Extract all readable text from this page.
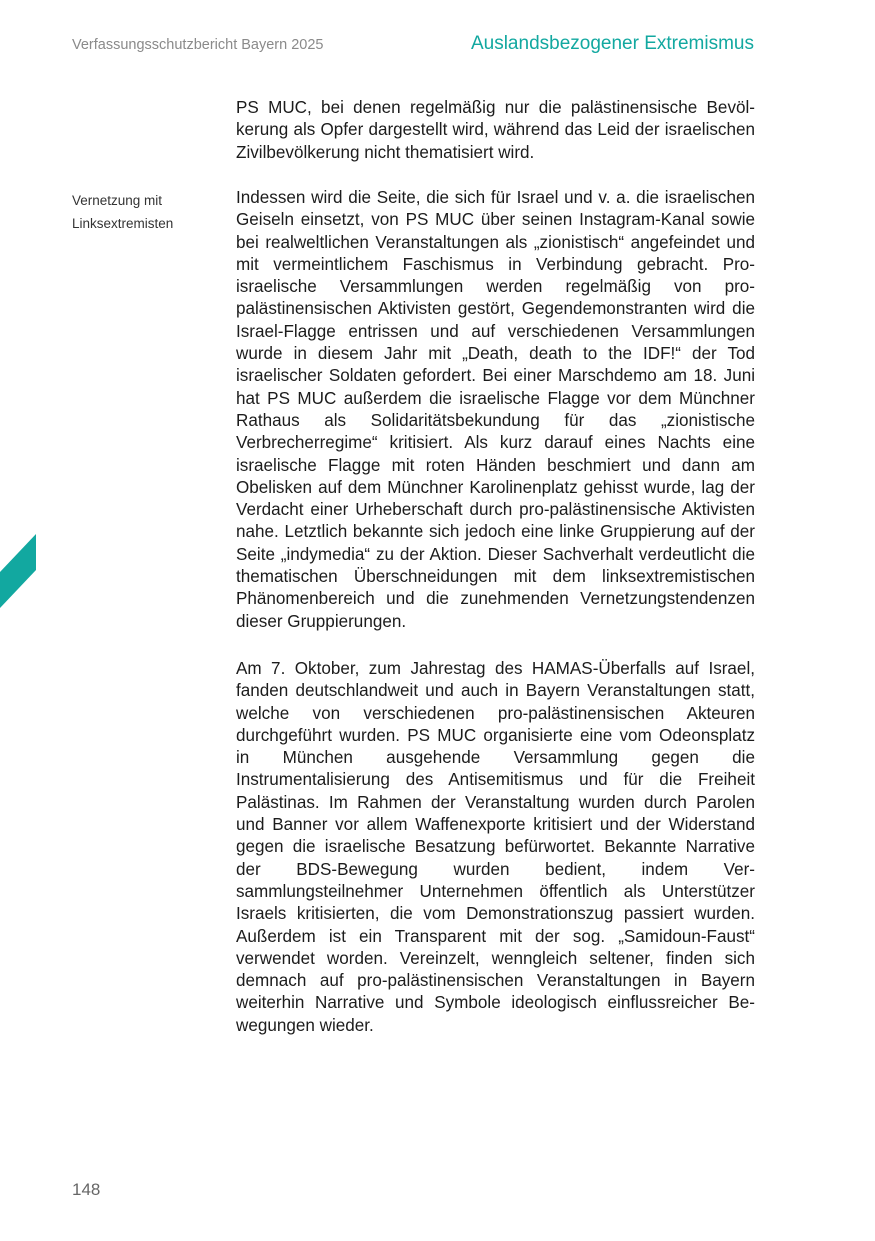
Verfassungsschutzbericht Bayern 2025	Auslandsbezogener Extremismus
Vernetzung mit
Linksextremisten

PS MUC, bei denen regelmäßig nur die palästinensische Bevölkerung als Opfer dargestellt wird, während das Leid der israelischen Zivilbevölkerung nicht thematisiert wird.

Indessen wird die Seite, die sich für Israel und v. a. die israelischen Geiseln einsetzt, von PS MUC über seinen Instagram-Kanal sowie bei realweltlichen Veranstaltungen als „zionistisch“ angefeindet und mit vermeintlichem Faschismus in Verbindung gebracht. Pro-israelische Versammlungen werden regelmäßig von pro-palästinensischen Aktivisten gestört, Gegendemonstranten wird die Israel-Flagge entrissen und auf verschiedenen Versammlungen wurde in diesem Jahr mit „Death, death to the IDF!“ der Tod israelischer Soldaten gefordert. Bei einer Marschdemo am 18. Juni hat PS MUC außerdem die israelische Flagge vor dem Münchner Rathaus als Solidaritätsbekundung für das „zionistische Verbrecherregime“ kritisiert. Als kurz darauf eines Nachts eine israelische Flagge mit roten Händen beschmiert und dann am Obelisken auf dem Münchner Karolinenplatz gehisst wurde, lag der Verdacht einer Urheberschaft durch pro-palästinensische Aktivisten nahe. Letztlich bekannte sich jedoch eine linke Gruppierung auf der Seite „indymedia“ zu der Aktion. Dieser Sachverhalt verdeutlicht die thematischen Überschneidungen mit dem linksextremistischen Phänomenbereich und die zunehmenden Vernetzungstendenzen dieser Gruppierungen.

Am 7. Oktober, zum Jahrestag des HAMAS-Überfalls auf Israel, fanden deutschlandweit und auch in Bayern Veranstaltungen statt, welche von verschiedenen pro-palästinensischen Akteuren durchgeführt wurden. PS MUC organisierte eine vom Odeonsplatz in München ausgehende Versammlung gegen die Instrumentalisierung des Antisemitismus und für die Freiheit Palästinas. Im Rahmen der Veranstaltung wurden durch Parolen und Banner vor allem Waffenexporte kritisiert und der Widerstand gegen die israelische Besatzung befürwortet. Bekannte Narrative der BDS-Bewegung wurden bedient, indem Versammlungsteilnehmer Unternehmen öffentlich als Unterstützer Israels kritisierten, die vom Demonstrationszug passiert wurden. Außerdem ist ein Transparent mit der sog. „Samidoun-Faust“ verwendet worden. Vereinzelt, wenngleich seltener, finden sich demnach auf pro-palästinensischen Veranstaltungen in Bayern weiterhin Narrative und Symbole ideologisch einflussreicher Bewegungen wieder.

148
